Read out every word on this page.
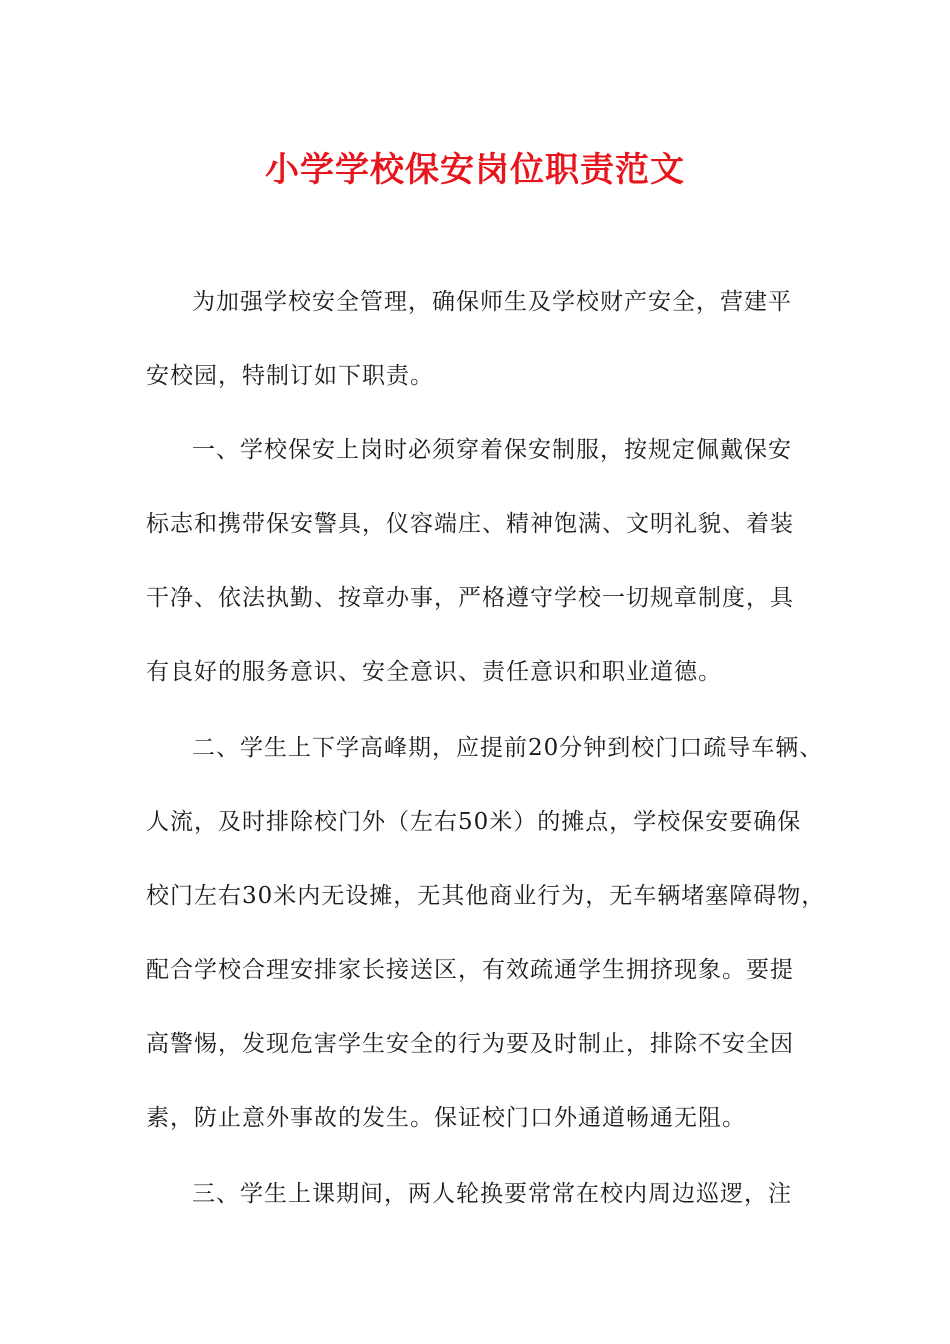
小学学校保安岗位职责范文
为加强学校安全管理，确保师生及学校财产安全，营建平
安校园，特制订如下职责。
一、学校保安上岗时必须穿着保安制服，按规定佩戴保安
标志和携带保安警具，仪容端庄、精神饱满、文明礼貌、着装
干净、依法执勤、按章办事，严格遵守学校一切规章制度，具
有良好的服务意识、安全意识、责任意识和职业道德。
二、学生上下学高峰期，应提前20分钟到校门口疏导车辆、
人流，及时排除校门外（左右50米）的摊点，学校保安要确保
校门左右30米内无设摊，无其他商业行为，无车辆堵塞障碍物，
配合学校合理安排家长接送区，有效疏通学生拥挤现象。要提
高警惕，发现危害学生安全的行为要及时制止，排除不安全因
素，防止意外事故的发生。保证校门口外通道畅通无阻。
三、学生上课期间，两人轮换要常常在校内周边巡逻，注
